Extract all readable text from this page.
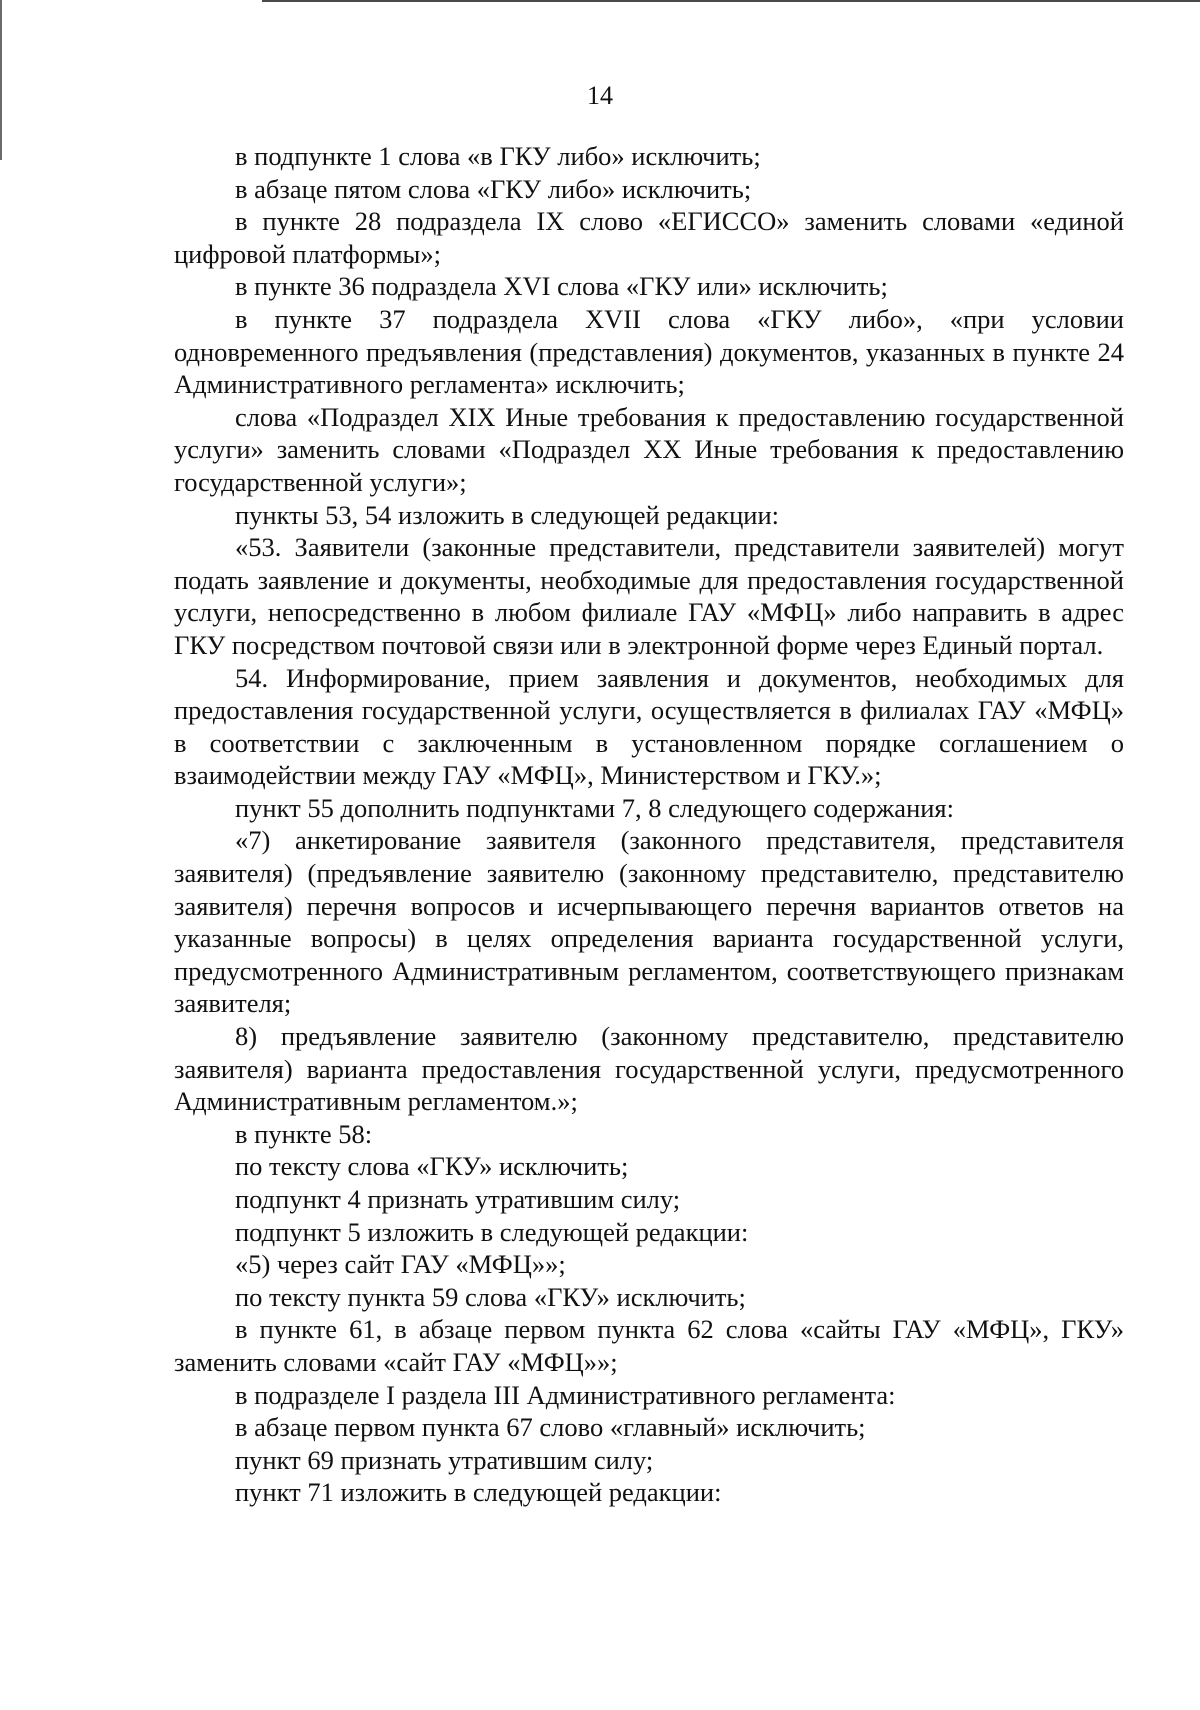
14

в подпункте 1 слова «в ГКУ либо» исключить;

в абзаце пятом слова «ГКУ либо» исключить;

в пункте 28 подраздела IX слово «ЕГИССО» заменить словами «единой цифровой платформы»;

в пункте 36 подраздела XVI слова «ГКУ или» исключить;

в пункте 37 подраздела XVII слова «ГКУ либо», «при условии одновременного предъявления (представления) документов, указанных в пункте 24 Административного регламента» исключить;

слова «Подраздел XIX Иные требования к предоставлению государственной услуги» заменить словами «Подраздел XX Иные требования к предоставлению государственной услуги»;

пункты 53, 54 изложить в следующей редакции:

«53. Заявители (законные представители, представители заявителей) могут подать заявление и документы, необходимые для предоставления государственной услуги, непосредственно в любом филиале ГАУ «МФЦ» либо направить в адрес ГКУ посредством почтовой связи или в электронной форме через Единый портал.

54. Информирование, прием заявления и документов, необходимых для предоставления государственной услуги, осуществляется в филиалах ГАУ «МФЦ» в соответствии с заключенным в установленном порядке соглашением о взаимодействии между ГАУ «МФЦ», Министерством и ГКУ.»;

пункт 55 дополнить подпунктами 7, 8 следующего содержания:

«7) анкетирование заявителя (законного представителя, представителя заявителя) (предъявление заявителю (законному представителю, представителю заявителя) перечня вопросов и исчерпывающего перечня вариантов ответов на указанные вопросы) в целях определения варианта государственной услуги, предусмотренного Административным регламентом, соответствующего признакам заявителя;

8) предъявление заявителю (законному представителю, представителю заявителя) варианта предоставления государственной услуги, предусмотренного Административным регламентом.»;

в пункте 58:

по тексту слова «ГКУ» исключить;

подпункт 4 признать утратившим силу;

подпункт 5 изложить в следующей редакции:

«5) через сайт ГАУ «МФЦ»»;

по тексту пункта 59 слова «ГКУ» исключить;

в пункте 61, в абзаце первом пункта 62 слова «сайты ГАУ «МФЦ», ГКУ» заменить словами «сайт ГАУ «МФЦ»»;

в подразделе I раздела III Административного регламента:

в абзаце первом пункта 67 слово «главный» исключить;

пункт 69 признать утратившим силу;

пункт 71 изложить в следующей редакции:
